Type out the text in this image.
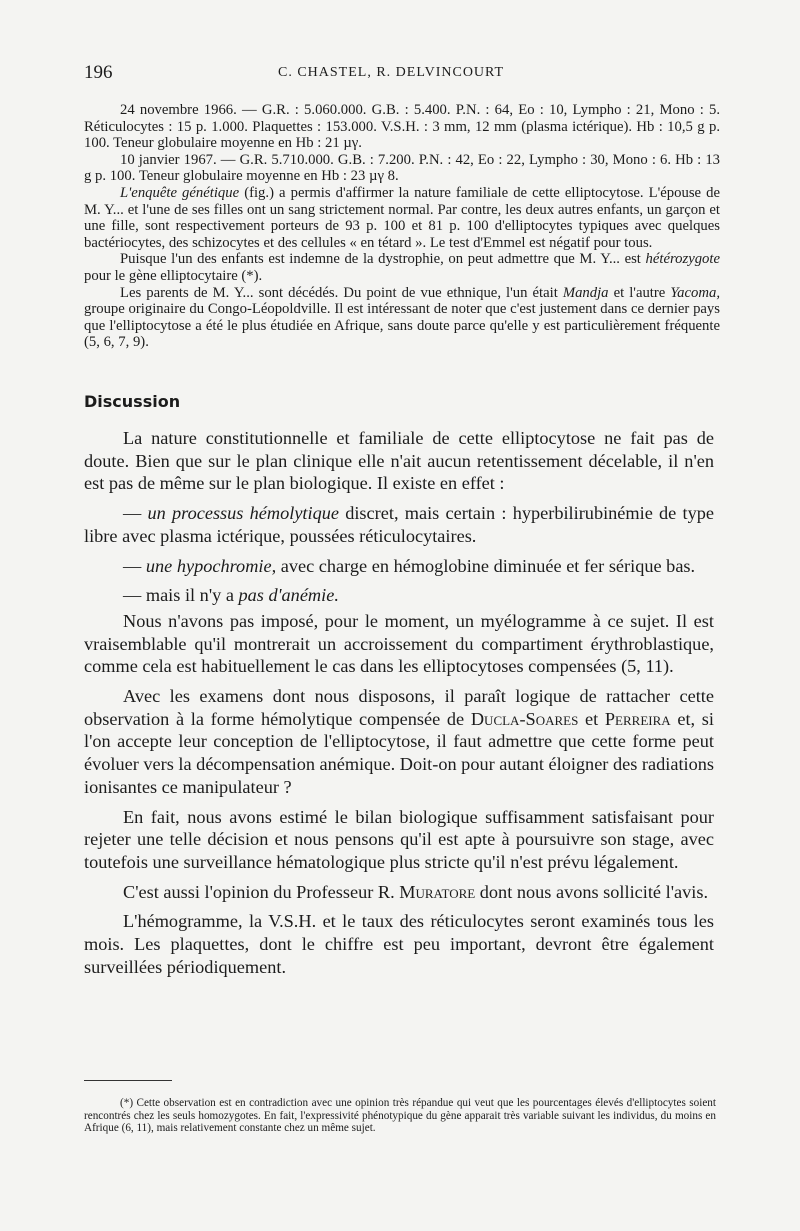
196	C. CHASTEL, R. DELVINCOURT

24 novembre 1966. — G.R. : 5.060.000. G.B. : 5.400. P.N. : 64, Eo : 10, Lympho : 21, Mono : 5. Réticulocytes : 15 p. 1.000. Plaquettes : 153.000. V.S.H. : 3 mm, 12 mm (plasma ictérique). Hb : 10,5 g p. 100. Teneur globulaire moyenne en Hb : 21 µγ.

10 janvier 1967. — G.R. 5.710.000. G.B. : 7.200. P.N. : 42, Eo : 22, Lympho : 30, Mono : 6. Hb : 13 g p. 100. Teneur globulaire moyenne en Hb : 23 µγ 8.

L'enquête génétique (fig.) a permis d'affirmer la nature familiale de cette elliptocytose. L'épouse de M. Y... et l'une de ses filles ont un sang strictement normal. Par contre, les deux autres enfants, un garçon et une fille, sont respectivement porteurs de 93 p. 100 et 81 p. 100 d'elliptocytes typiques avec quelques bactériocytes, des schizocytes et des cellules « en tétard ». Le test d'Emmel est négatif pour tous.

Puisque l'un des enfants est indemne de la dystrophie, on peut admettre que M. Y... est hétérozygote pour le gène elliptocytaire (*).

Les parents de M. Y... sont décédés. Du point de vue ethnique, l'un était Mandja et l'autre Yacoma, groupe originaire du Congo-Léopoldville. Il est intéressant de noter que c'est justement dans ce dernier pays que l'elliptocytose a été le plus étudiée en Afrique, sans doute parce qu'elle y est particulièrement fréquente (5, 6, 7, 9).

Discussion

La nature constitutionnelle et familiale de cette elliptocytose ne fait pas de doute. Bien que sur le plan clinique elle n'ait aucun retentissement décelable, il n'en est pas de même sur le plan biologique. Il existe en effet :

— un processus hémolytique discret, mais certain : hyperbilirubinémie de type libre avec plasma ictérique, poussées réticulocytaires.

— une hypochromie, avec charge en hémoglobine diminuée et fer sérique bas.

— mais il n'y a pas d'anémie.

Nous n'avons pas imposé, pour le moment, un myélogramme à ce sujet. Il est vraisemblable qu'il montrerait un accroissement du compartiment érythroblastique, comme cela est habituellement le cas dans les elliptocytoses compensées (5, 11).

Avec les examens dont nous disposons, il paraît logique de rattacher cette observation à la forme hémolytique compensée de Ducla-Soares et Perreira et, si l'on accepte leur conception de l'elliptocytose, il faut admettre que cette forme peut évoluer vers la décompensation anémique. Doit-on pour autant éloigner des radiations ionisantes ce manipulateur ?

En fait, nous avons estimé le bilan biologique suffisamment satisfaisant pour rejeter une telle décision et nous pensons qu'il est apte à poursuivre son stage, avec toutefois une surveillance hématologique plus stricte qu'il n'est prévu légalement.

C'est aussi l'opinion du Professeur R. Muratore dont nous avons sollicité l'avis.

L'hémogramme, la V.S.H. et le taux des réticulocytes seront examinés tous les mois. Les plaquettes, dont le chiffre est peu important, devront être également surveillées périodiquement.

(*) Cette observation est en contradiction avec une opinion très répandue qui veut que les pourcentages élevés d'elliptocytes soient rencontrés chez les seuls homozygotes. En fait, l'expressivité phénotypique du gène apparait très variable suivant les individus, du moins en Afrique (6, 11), mais relativement constante chez un même sujet.
